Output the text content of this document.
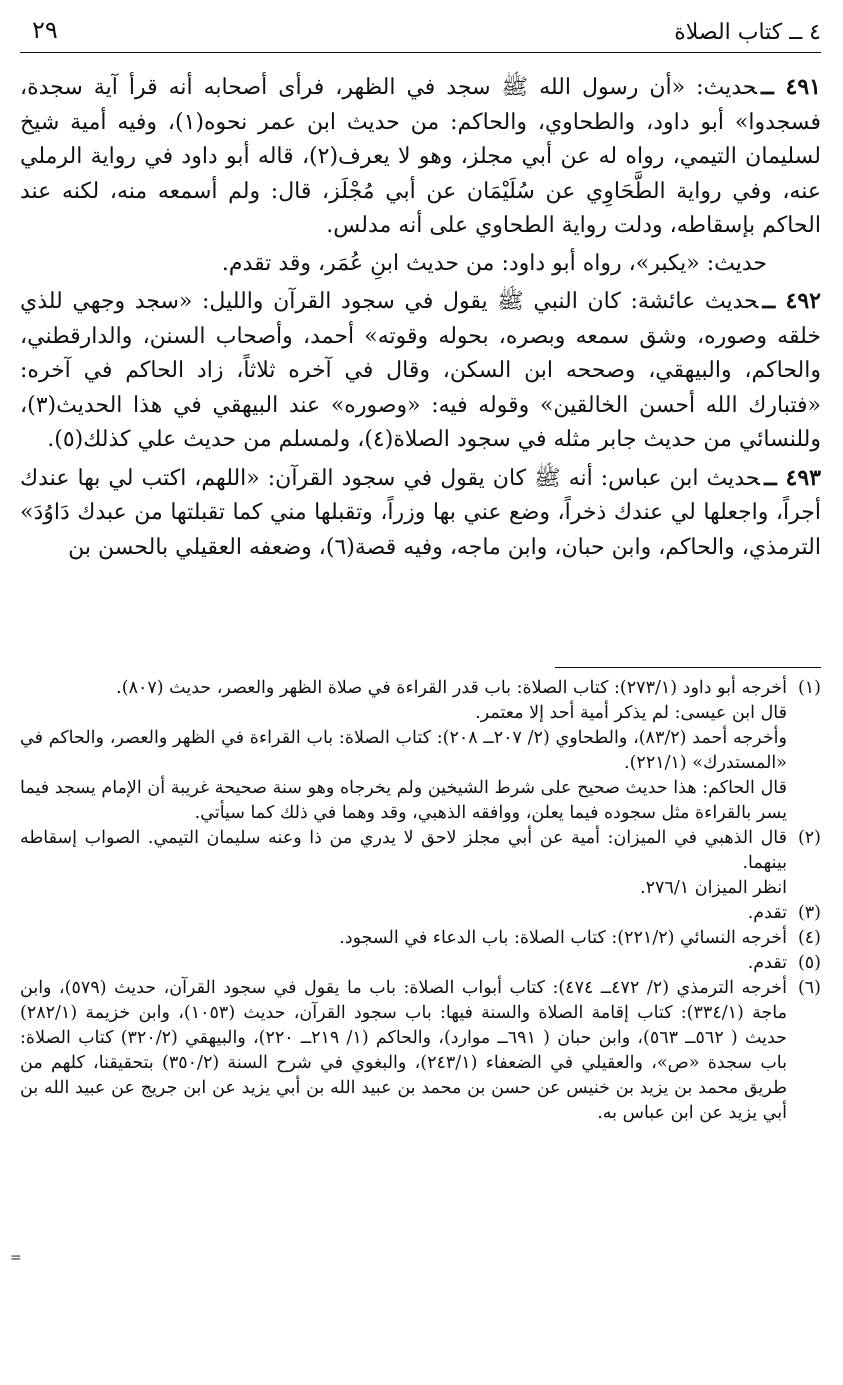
٤ ــ كتاب الصلاة
٢٩

٤٩١ ــحديث: «أن رسول الله ﷺ سجد في الظهر، فرأى أصحابه أنه قرأ آية سجدة، فسجدوا» أبو داود، والطحاوي، والحاكم: من حديث ابن عمر نحوه(١)، وفيه أمية شيخ لسليمان التيمي، رواه له عن أبي مجلز، وهو لا يعرف(٢)، قاله أبو داود في رواية الرملي عنه، وفي رواية الطَّحَاوِي عن سُلَيْمَان عن أبي مُجْلَز، قال: ولم أسمعه منه، لكنه عند الحاكم بإسقاطه، ودلت رواية الطحاوي على أنه مدلس.

حديث: «يكبر»، رواه أبو داود: من حديث ابنِ عُمَر، وقد تقدم.

٤٩٢ ــحديث عائشة: كان النبي ﷺ يقول في سجود القرآن والليل: «سجد وجهي للذي خلقه وصوره، وشق سمعه وبصره، بحوله وقوته» أحمد، وأصحاب السنن، والدارقطني، والحاكم، والبيهقي، وصححه ابن السكن، وقال في آخره ثلاثاً، زاد الحاكم في آخره: «فتبارك الله أحسن الخالقين» وقوله فيه: «وصوره» عند البيهقي في هذا الحديث(٣)، وللنسائي من حديث جابر مثله في سجود الصلاة(٤)، ولمسلم من حديث علي كذلك(٥).

٤٩٣ ــحديث ابن عباس: أنه ﷺ كان يقول في سجود القرآن: «اللهم، اكتب لي بها عندك أجراً، واجعلها لي عندك ذخراً، وضع عني بها وزراً، وتقبلها مني كما تقبلتها من عبدك دَاوُدَ» الترمذي، والحاكم، وابن حبان، وابن ماجه، وفيه قصة(٦)، وضعفه العقيلي بالحسن بن

(١)أخرجه أبو داود (٢٧٣/١): كتاب الصلاة: باب قدر القراءة في صلاة الظهر والعصر، حديث (٨٠٧).

قال ابن عيسى: لم يذكر أمية أحد إلا معتمر.

وأخرجه أحمد (٨٣/٢)، والطحاوي (٢/ ٢٠٧ــ ٢٠٨): كتاب الصلاة: باب القراءة في الظهر والعصر، والحاكم في «المستدرك» (٢٢١/١).

قال الحاكم: هذا حديث صحيح على شرط الشيخين ولم يخرجاه وهو سنة صحيحة غريبة أن الإمام يسجد فيما يسر بالقراءة مثل سجوده فيما يعلن، ووافقه الذهبي، وقد وهما في ذلك كما سيأتي.

(٢)قال الذهبي في الميزان: أمية عن أبي مجلز لاحق لا يدري من ذا وعنه سليمان التيمي. الصواب إسقاطه بينهما.

انظر الميزان ٢٧٦/١.

(٣)تقدم.

(٤)أخرجه النسائي (٢٢١/٢): كتاب الصلاة: باب الدعاء في السجود.

(٥)تقدم.

(٦)أخرجه الترمذي (٢/ ٤٧٢ــ ٤٧٤): كتاب أبواب الصلاة: باب ما يقول في سجود القرآن، حديث (٥٧٩)، وابن ماجة (٣٣٤/١): كتاب إقامة الصلاة والسنة فيها: باب سجود القرآن، حديث (١٠٥٣)، وابن خزيمة (٢٨٢/١) حديث ( ٥٦٢ــ ٥٦٣)، وابن حبان ( ٦٩١ــ موارد)، والحاكم (١/ ٢١٩ــ ٢٢٠)، والبيهقي (٣٢٠/٢) كتاب الصلاة: باب سجدة «ص»، والعقيلي في الضعفاء (٢٤٣/١)، والبغوي في شرح السنة (٣٥٠/٢) بتحقيقنا، كلهم من طريق محمد بن يزيد بن خنيس عن حسن بن محمد بن عبيد الله بن أبي يزيد عن ابن جريج عن عبيد الله بن أبي يزيد عن ابن عباس به.

=
